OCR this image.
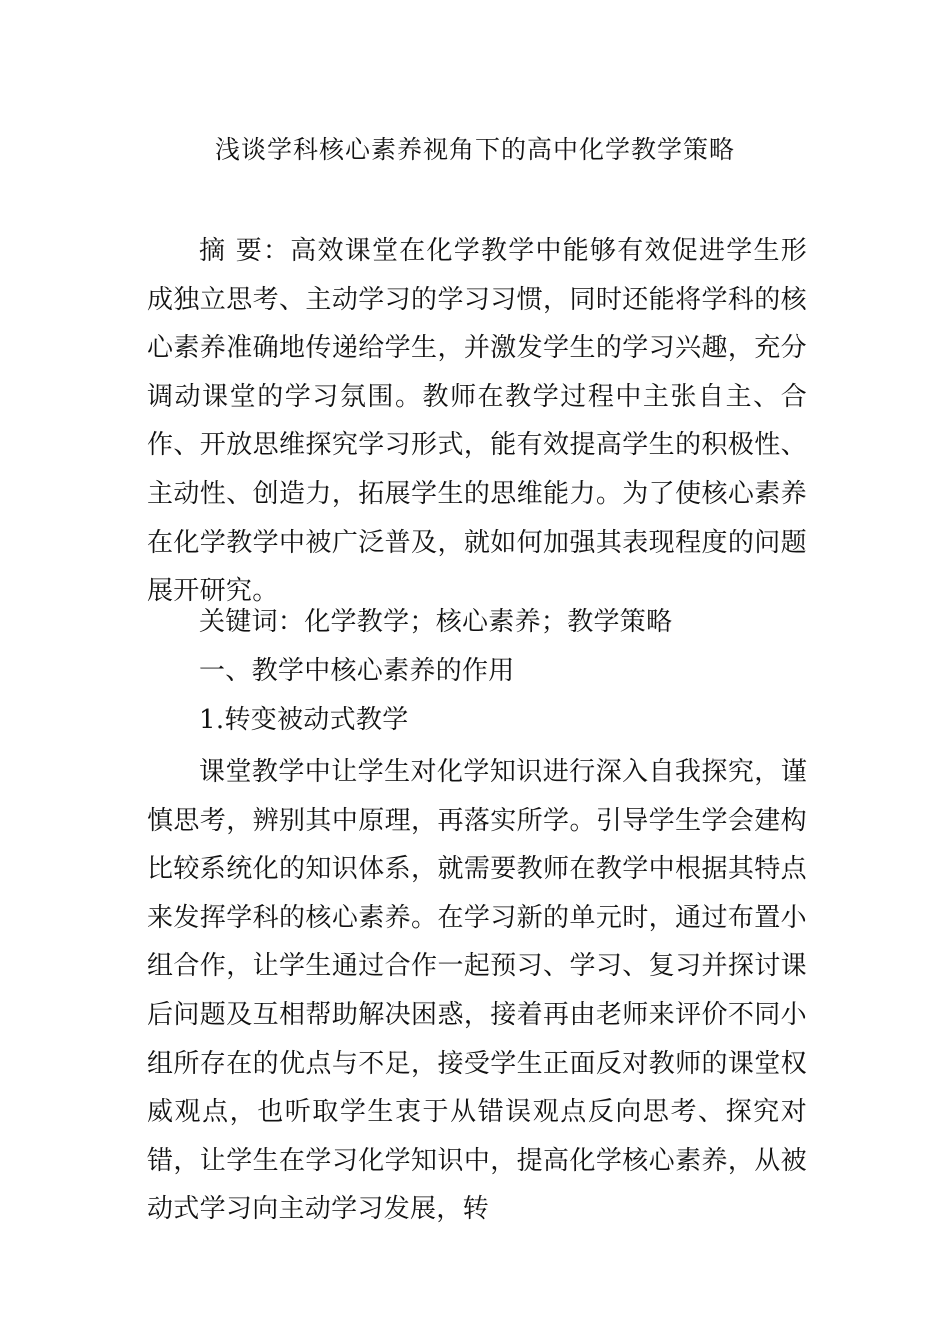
浅谈学科核心素养视角下的高中化学教学策略
摘 要：高效课堂在化学教学中能够有效促进学生形成独立思考、主动学习的学习习惯，同时还能将学科的核心素养准确地传递给学生，并激发学生的学习兴趣，充分调动课堂的学习氛围。教师在教学过程中主张自主、合作、开放思维探究学习形式，能有效提高学生的积极性、主动性、创造力，拓展学生的思维能力。为了使核心素养在化学教学中被广泛普及，就如何加强其表现程度的问题展开研究。
关键词：化学教学；核心素养；教学策略
一、教学中核心素养的作用
1.转变被动式教学
课堂教学中让学生对化学知识进行深入自我探究，谨慎思考，辨别其中原理，再落实所学。引导学生学会建构比较系统化的知识体系，就需要教师在教学中根据其特点来发挥学科的核心素养。在学习新的单元时，通过布置小组合作，让学生通过合作一起预习、学习、复习并探讨课后问题及互相帮助解决困惑，接着再由老师来评价不同小组所存在的优点与不足，接受学生正面反对教师的课堂权威观点，也听取学生衷于从错误观点反向思考、探究对错，让学生在学习化学知识中，提高化学核心素养，从被动式学习向主动学习发展，转
